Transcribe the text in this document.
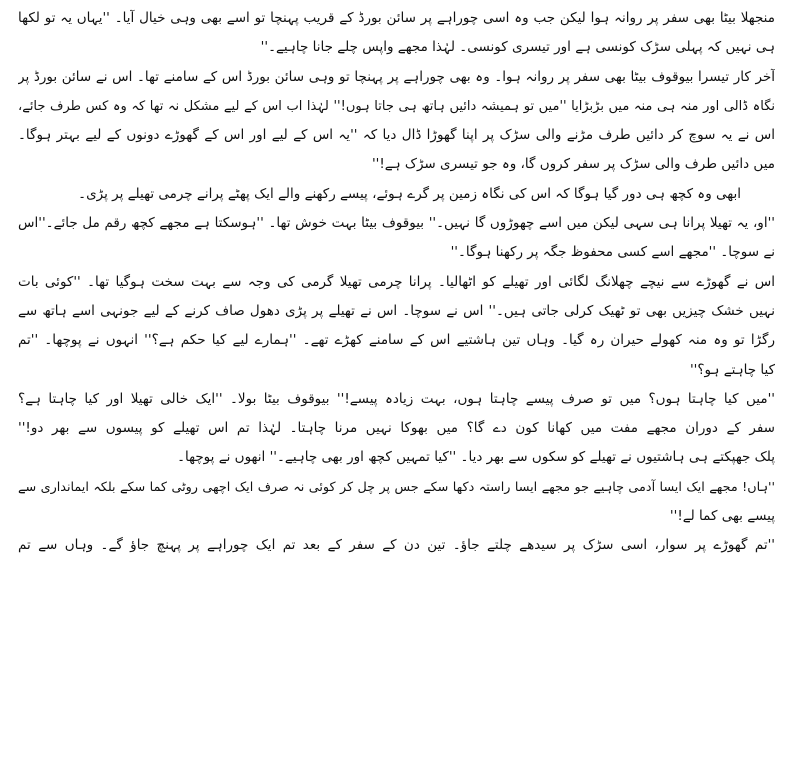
منجھلا بیٹا بھی سفر پر روانہ ہوا لیکن جب وہ اسی چوراہے پر سائن بورڈ کے قریب پہنچا تو اسے بھی وہی خیال آیا۔ ''یہاں یہ تو لکھا
ہی نہیں کہ پہلی سڑک کونسی ہے اور تیسری کونسی۔ لہٰذا مجھے واپس چلے جانا چاہیے۔''
آخر کار تیسرا بیوقوف بیٹا بھی سفر پر روانہ ہوا۔ وہ بھی چوراہے پر پہنچا تو وہی سائن بورڈ اس کے سامنے تھا۔ اس نے سائن بورڈ پر
نگاہ ڈالی اور منہ ہی منہ میں بڑبڑایا ''میں تو ہمیشہ دائیں ہاتھ ہی جاتا ہوں!'' لہٰذا اب اس کے لیے مشکل نہ تھا کہ وہ کس طرف جائے،
اس نے یہ سوچ کر دائیں طرف مڑنے والی سڑک پر اپنا گھوڑا ڈال دیا کہ ''یہ اس کے لیے اور اس کے گھوڑے دونوں کے لیے بہتر ہوگا۔
میں دائیں طرف والی سڑک پر سفر کروں گا، وہ جو تیسری سڑک ہے!''
ابھی وہ کچھ ہی دور گیا ہوگا کہ اس کی نگاہ زمین پر گرے ہوئے، پیسے رکھنے والے ایک پھٹے پرانے چرمی تھیلے پر پڑی۔
''او، یہ تھیلا پرانا ہی سہی لیکن میں اسے چھوڑوں گا نہیں۔'' بیوقوف بیٹا بہت خوش تھا۔ ''ہوسکتا ہے مجھے کچھ رقم مل جائے۔''اس
نے سوچا۔ ''مجھے اسے کسی محفوظ جگہ پر رکھنا ہوگا۔''
اس نے گھوڑے سے نیچے چھلانگ لگائی اور تھیلے کو اٹھالیا۔ پرانا چرمی تھیلا گرمی کی وجہ سے بہت سخت ہوگیا تھا۔ ''کوئی بات
نہیں خشک چیزیں بھی تو ٹھیک کرلی جاتی ہیں۔'' اس نے سوچا۔ اس نے تھیلے پر پڑی دھول صاف کرنے کے لیے جونہی اسے ہاتھ سے
رگڑا تو وہ منہ کھولے حیران رہ گیا۔ وہاں تین ہاشتیے اس کے سامنے کھڑے تھے۔ ''ہمارے لیے کیا حکم ہے؟'' انہوں نے پوچھا۔ ''تم
کیا چاہتے ہو؟''
''میں کیا چاہتا ہوں؟ میں تو صرف پیسے چاہتا ہوں، بہت زیادہ پیسے!'' بیوقوف بیٹا بولا۔ ''ایک خالی تھیلا اور کیا چاہتا ہے؟
سفر کے دوران مجھے مفت میں کھانا کون دے گا؟ میں بھوکا نہیں مرنا چاہتا۔ لہٰذا تم اس تھیلے کو پیسوں سے بھر دو!''
پلک جھپکتے ہی ہاشتیوں نے تھیلے کو سکوں سے بھر دیا۔ ''کیا تمہیں کچھ اور بھی چاہیے۔'' انھوں نے پوچھا۔
''ہاں! مجھے ایک ایسا آدمی چاہیے جو مجھے ایسا راستہ دکھا سکے جس پر چل کر کوئی نہ صرف ایک اچھی روٹی کما سکے بلکہ ایمانداری سے
پیسے بھی کما لے!''
''تم گھوڑے پر سوار، اسی سڑک پر سیدھے چلتے جاؤ۔ تین دن کے سفر کے بعد تم ایک چوراہے پر پہنچ جاؤ گے۔ وہاں سے تم
